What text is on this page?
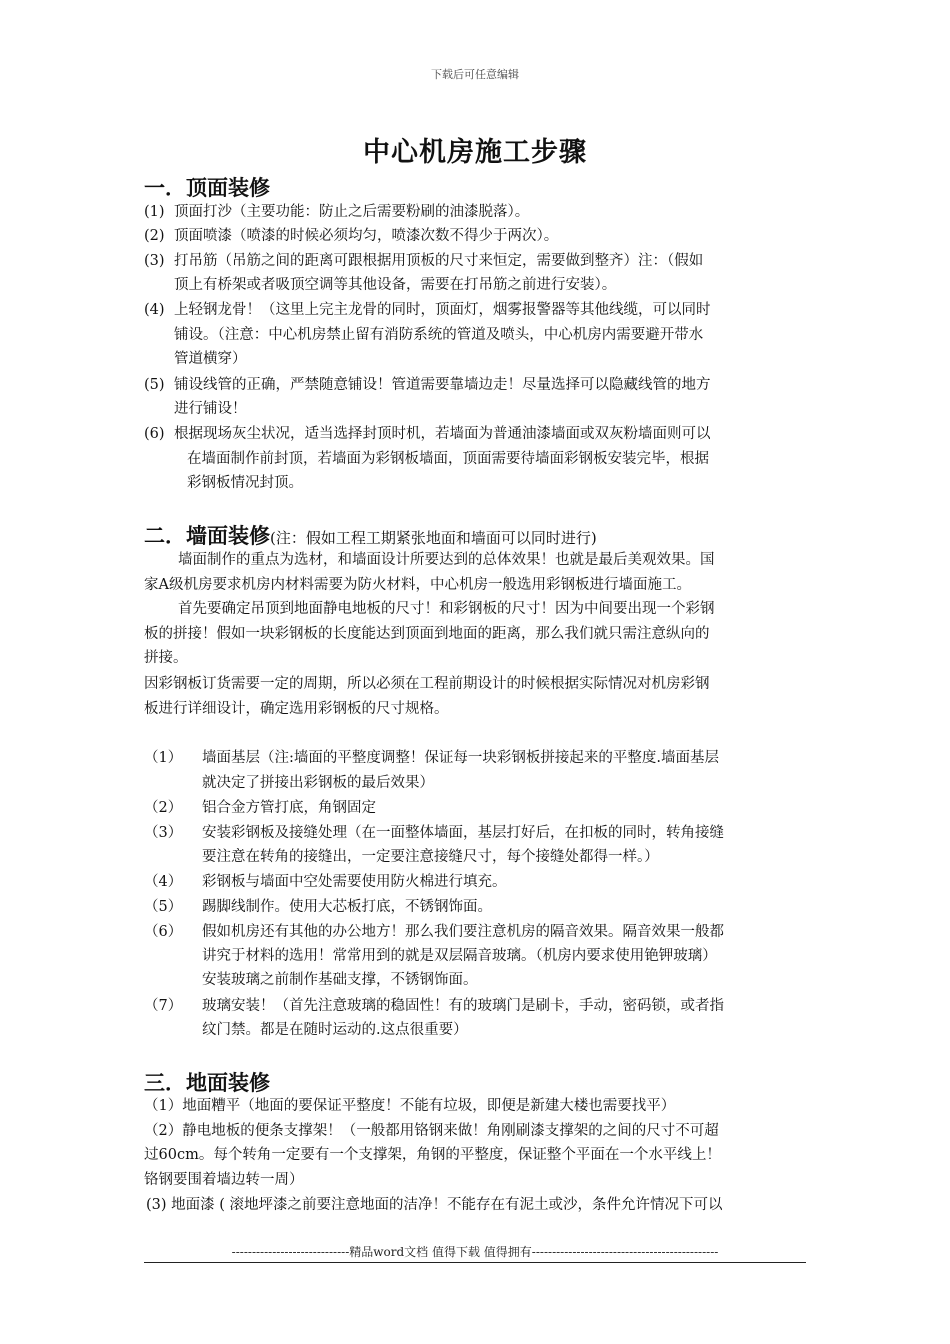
下载后可任意编辑
中心机房施工步骤
一．顶面装修
(1) 顶面打沙（主要功能：防止之后需要粉刷的油漆脱落）。
(2) 顶面喷漆（喷漆的时候必须均匀，喷漆次数不得少于两次）。
(3) 打吊筋（吊筋之间的距离可跟根据用顶板的尺寸来恒定，需要做到整齐）注：（假如
顶上有桥架或者吸顶空调等其他设备，需要在打吊筋之前进行安装）。
(4) 上轻钢龙骨！（这里上完主龙骨的同时，顶面灯，烟雾报警器等其他线缆，可以同时
铺设。（注意：中心机房禁止留有消防系统的管道及喷头，中心机房内需要避开带水
管道横穿）
(5) 铺设线管的正确，严禁随意铺设！管道需要靠墙边走！尽量选择可以隐藏线管的地方
进行铺设！
(6) 根据现场灰尘状况，适当选择封顶时机，若墙面为普通油漆墙面或双灰粉墙面则可以
在墙面制作前封顶，若墙面为彩钢板墙面，顶面需要待墙面彩钢板安装完毕，根据
彩钢板情况封顶。
二．墙面装修(注：假如工程工期紧张地面和墙面可以同时进行)
墙面制作的重点为选材，和墙面设计所要达到的总体效果！也就是最后美观效果。国
家A级机房要求机房内材料需要为防火材料，中心机房一般选用彩钢板进行墙面施工。
首先要确定吊顶到地面静电地板的尺寸！和彩钢板的尺寸！因为中间要出现一个彩钢
板的拼接！假如一块彩钢板的长度能达到顶面到地面的距离，那么我们就只需注意纵向的
拼接。
因彩钢板订货需要一定的周期，所以必须在工程前期设计的时候根据实际情况对机房彩钢
板进行详细设计，确定选用彩钢板的尺寸规格。
（1） 墙面基层（注:墙面的平整度调整！保证每一块彩钢板拼接起来的平整度.墙面基层
就决定了拼接出彩钢板的最后效果）
（2） 铝合金方管打底，角钢固定
（3） 安装彩钢板及接缝处理（在一面整体墙面，基层打好后，在扣板的同时，转角接缝
要注意在转角的接缝出，一定要注意接缝尺寸，每个接缝处都得一样。）
（4） 彩钢板与墙面中空处需要使用防火棉进行填充。
（5） 踢脚线制作。使用大芯板打底，不锈钢饰面。
（6） 假如机房还有其他的办公地方！那么我们要注意机房的隔音效果。隔音效果一般都
讲究于材料的选用！常常用到的就是双层隔音玻璃。（机房内要求使用铯钾玻璃）
安装玻璃之前制作基础支撑，不锈钢饰面。
（7） 玻璃安装！（首先注意玻璃的稳固性！有的玻璃门是刷卡，手动，密码锁，或者指
纹门禁。都是在随时运动的.这点很重要）
三．地面装修
（1）地面糟平（地面的要保证平整度！不能有垃圾，即便是新建大楼也需要找平）
（2）静电地板的便条支撑架！（一般都用铬钢来做！角刚刷漆支撑架的之间的尺寸不可超
过60cm。每个转角一定要有一个支撑架，角钢的平整度，保证整个平面在一个水平线上！
铬钢要围着墙边转一周）
(3) 地面漆 ( 滚地坪漆之前要注意地面的洁净！不能存在有泥土或沙，条件允许情况下可以
-----------------------------精品word文档 值得下载 值得拥有----------------------------------------------
